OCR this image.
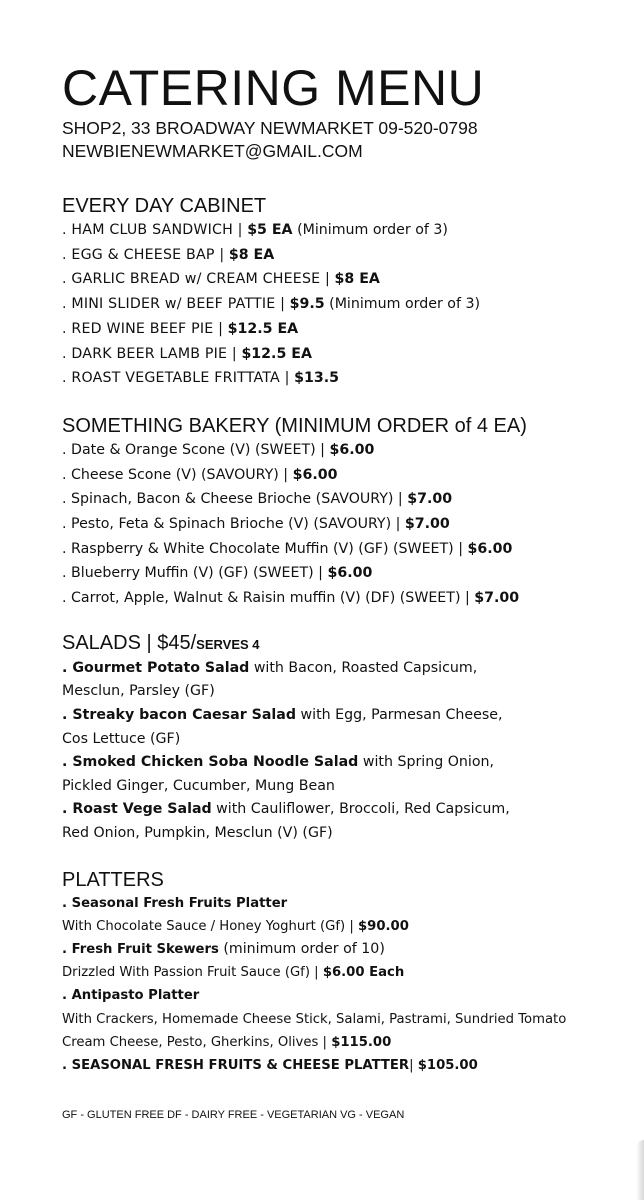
CATERING MENU
SHOP2, 33 BROADWAY NEWMARKET 09-520-0798
NEWBIENEWMARKET@GMAIL.COM
EVERY DAY CABINET
. HAM CLUB SANDWICH | $5 EA (Minimum order of 3)
. EGG & CHEESE BAP | $8 EA
. GARLIC BREAD w/ CREAM CHEESE | $8 EA
. MINI SLIDER w/ BEEF PATTIE | $9.5 (Minimum order of 3)
. RED WINE BEEF PIE | $12.5 EA
. DARK BEER LAMB PIE | $12.5 EA
. ROAST VEGETABLE FRITTATA | $13.5
SOMETHING BAKERY (MINIMUM ORDER of 4 EA)
. Date & Orange Scone (V) (SWEET) | $6.00
. Cheese Scone (V) (SAVOURY) | $6.00
. Spinach, Bacon & Cheese Brioche (SAVOURY) | $7.00
. Pesto, Feta & Spinach Brioche (V) (SAVOURY) | $7.00
. Raspberry & White Chocolate Muffin (V) (GF) (SWEET) | $6.00
. Blueberry Muffin (V) (GF) (SWEET) | $6.00
. Carrot, Apple, Walnut & Raisin muffin (V) (DF) (SWEET) | $7.00
SALADS | $45/SERVES 4
. Gourmet Potato Salad with Bacon, Roasted Capsicum,
Mesclun, Parsley (GF)
. Streaky bacon Caesar Salad with Egg, Parmesan Cheese,
Cos Lettuce (GF)
. Smoked Chicken Soba Noodle Salad with Spring Onion,
Pickled Ginger, Cucumber, Mung Bean
. Roast Vege Salad with Cauliflower, Broccoli, Red Capsicum,
Red Onion, Pumpkin, Mesclun (V) (GF)
PLATTERS
. Seasonal Fresh Fruits Platter
With Chocolate Sauce / Honey Yoghurt (Gf) | $90.00
. Fresh Fruit Skewers (minimum order of 10)
Drizzled With Passion Fruit Sauce (Gf) | $6.00 Each
. Antipasto Platter
With Crackers, Homemade Cheese Stick, Salami, Pastrami, Sundried Tomato
Cream Cheese, Pesto, Gherkins, Olives | $115.00
. SEASONAL FRESH FRUITS & CHEESE PLATTER| $105.00
GF - GLUTEN FREE DF - DAIRY FREE - VEGETARIAN VG - VEGAN
